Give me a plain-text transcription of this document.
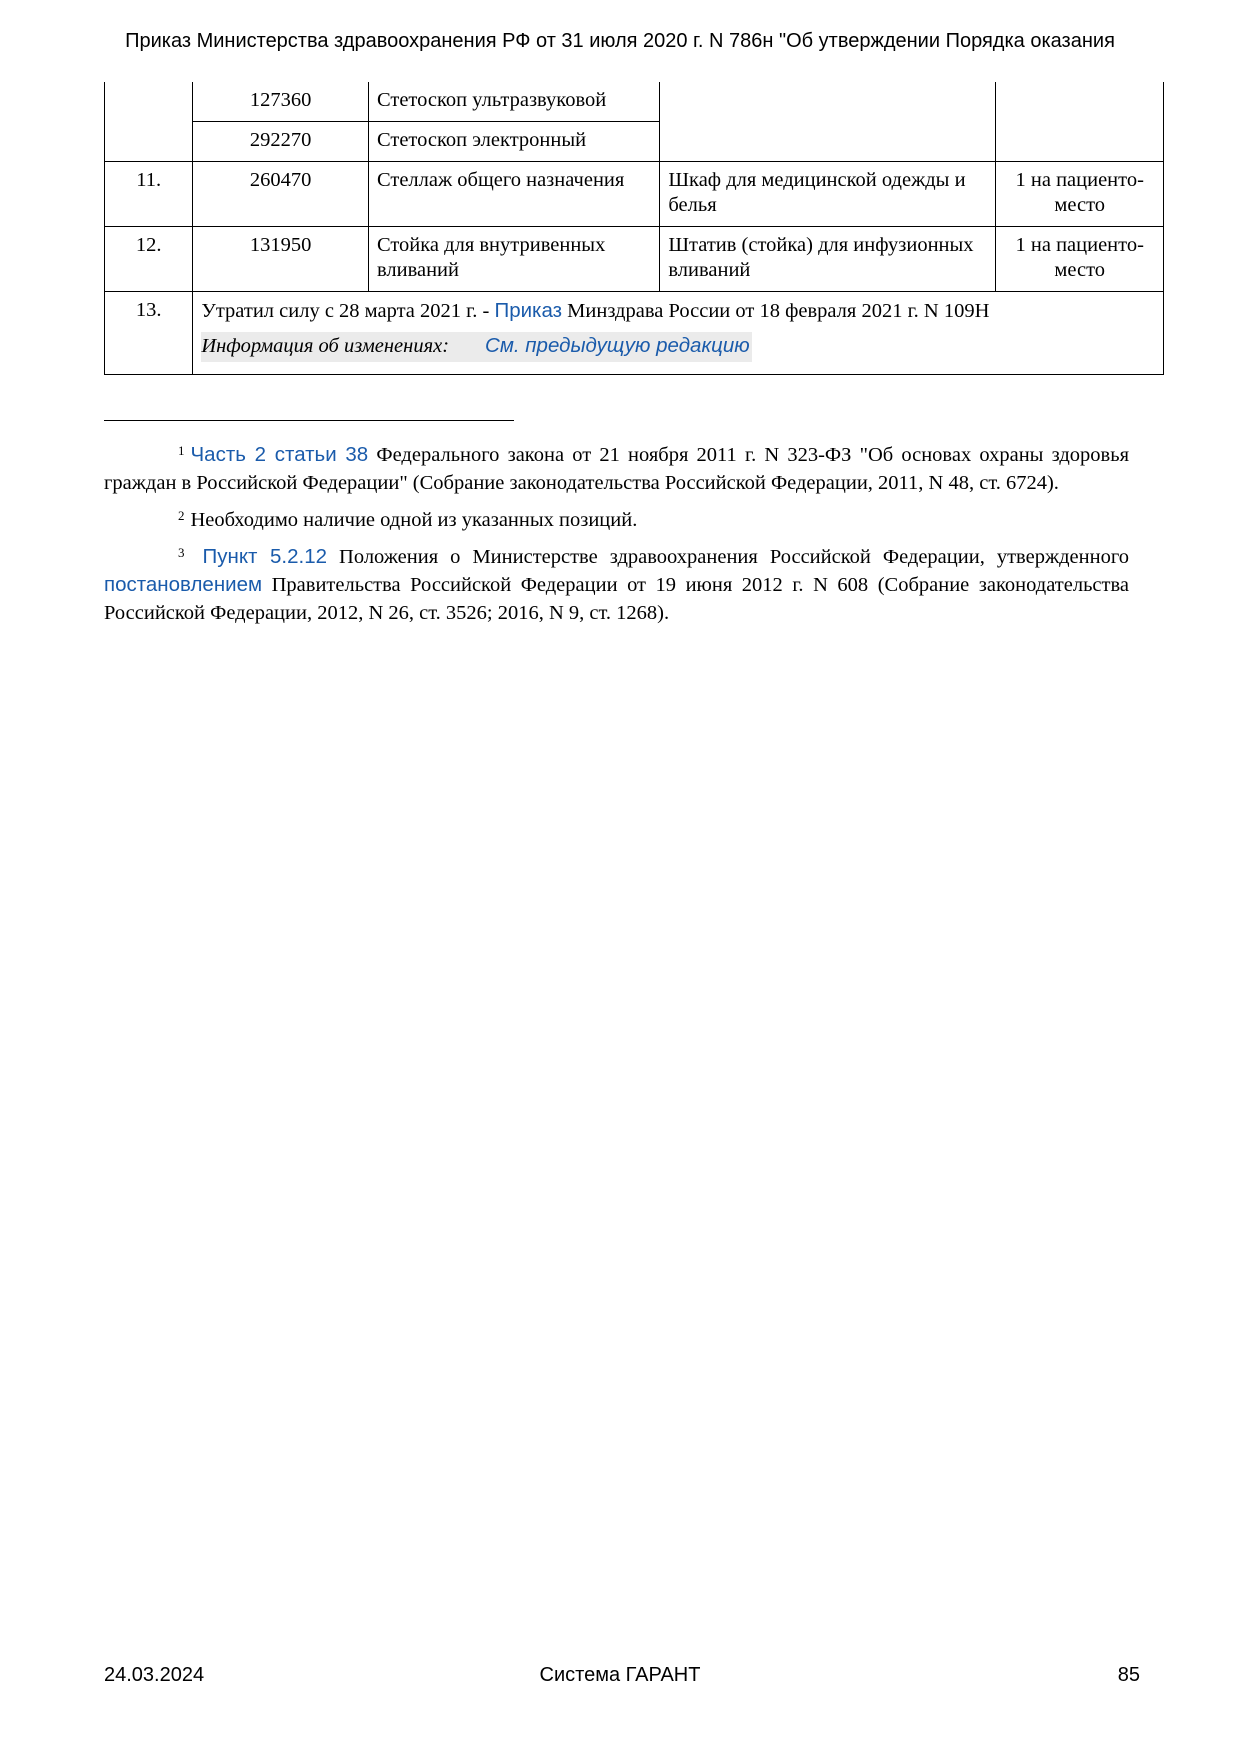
Приказ Министерства здравоохранения РФ от 31 июля 2020 г. N 786н "Об утверждении Порядка оказания
	127360	Стетоскоп ультразвуковой		
	292270	Стетоскоп электронный		
11.	260470	Стеллаж общего назначения	Шкаф для медицинской одежды и белья	1 на пациенто-место
12.	131950	Стойка для внутривенных вливаний	Штатив (стойка) для инфузионных вливаний	1 на пациенто-место
13.	Утратил силу с 28 марта 2021 г. - Приказ Минздрава России от 18 февраля 2021 г. N 109Н
Информация об изменениях: См. предыдущую редакцию			

$^1$ Часть 2 статьи 38 Федерального закона от 21 ноября 2011 г. N 323-ФЗ "Об основах охраны здоровья граждан в Российской Федерации" (Собрание законодательства Российской Федерации, 2011, N 48, ст. 6724).

$^2$ Необходимо наличие одной из указанных позиций.

$^3$ Пункт 5.2.12 Положения о Министерстве здравоохранения Российской Федерации, утвержденного постановлением Правительства Российской Федерации от 19 июня 2012 г. N 608 (Собрание законодательства Российской Федерации, 2012, N 26, ст. 3526; 2016, N 9, ст. 1268).

24.03.2024	Система ГАРАНТ	85
